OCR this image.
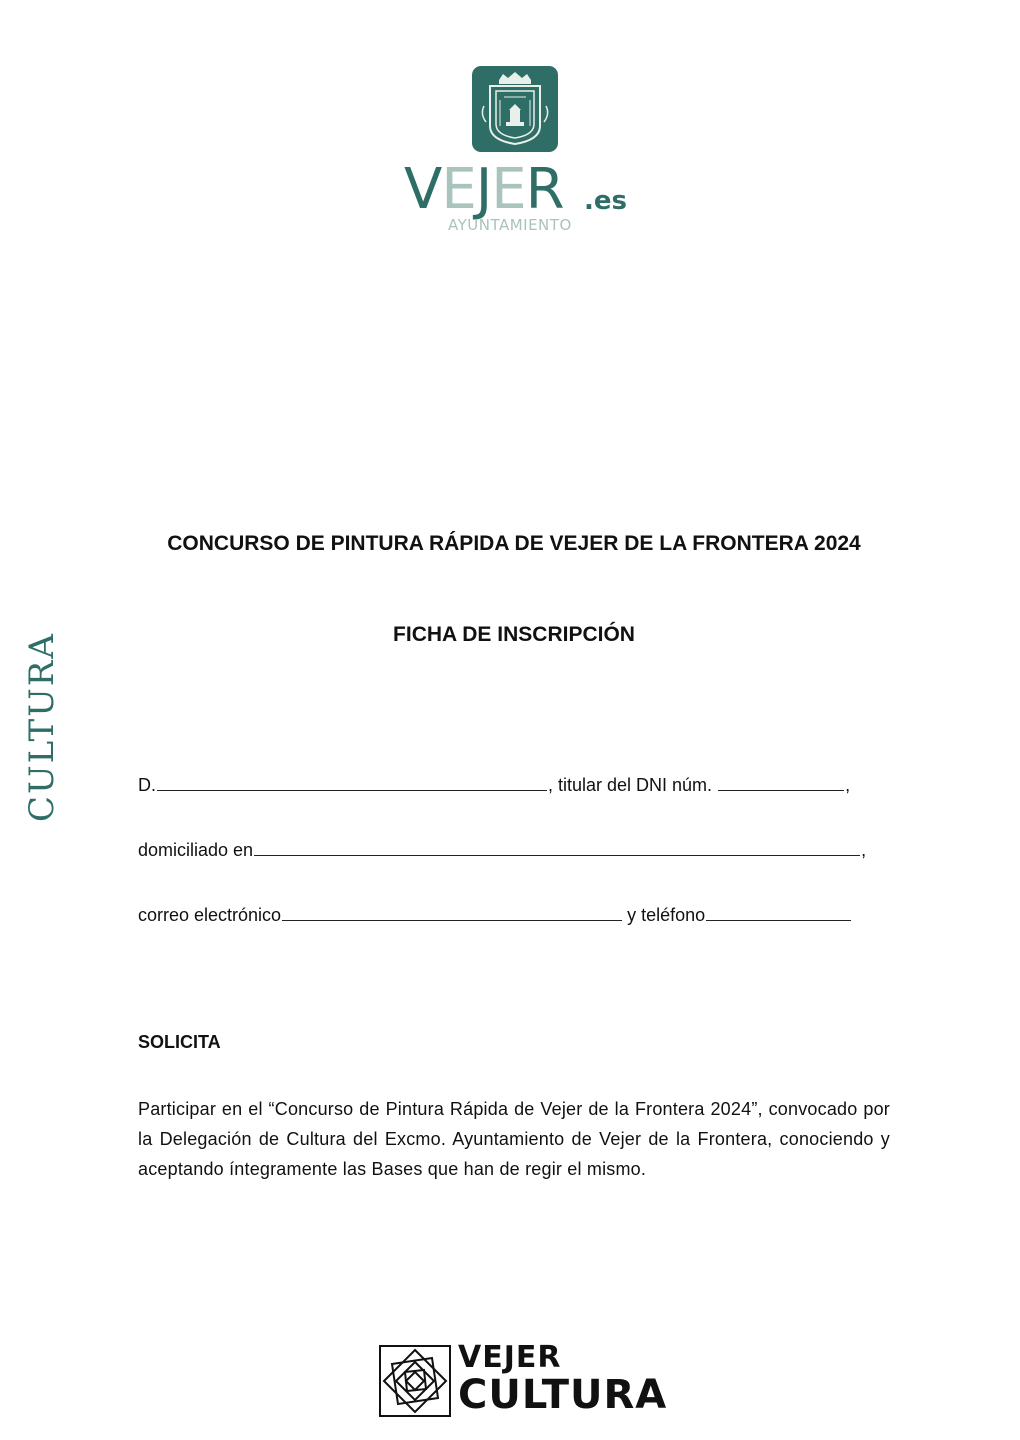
VEJER .es
AYUNTAMIENTO
CULTURA
CONCURSO DE PINTURA RÁPIDA DE VEJER DE LA FRONTERA 2024
FICHA DE INSCRIPCIÓN
D.	, titular del DNI núm.	,
domiciliado en	,
correo electrónico	y teléfono
SOLICITA
Participar en el “Concurso de Pintura Rápida de Vejer de la Frontera 2024”, convocado por la Delegación de Cultura del Excmo. Ayuntamiento de Vejer de la Frontera, conociendo y aceptando íntegramente las Bases que han de regir el mismo.
VEJER
CULTURA
